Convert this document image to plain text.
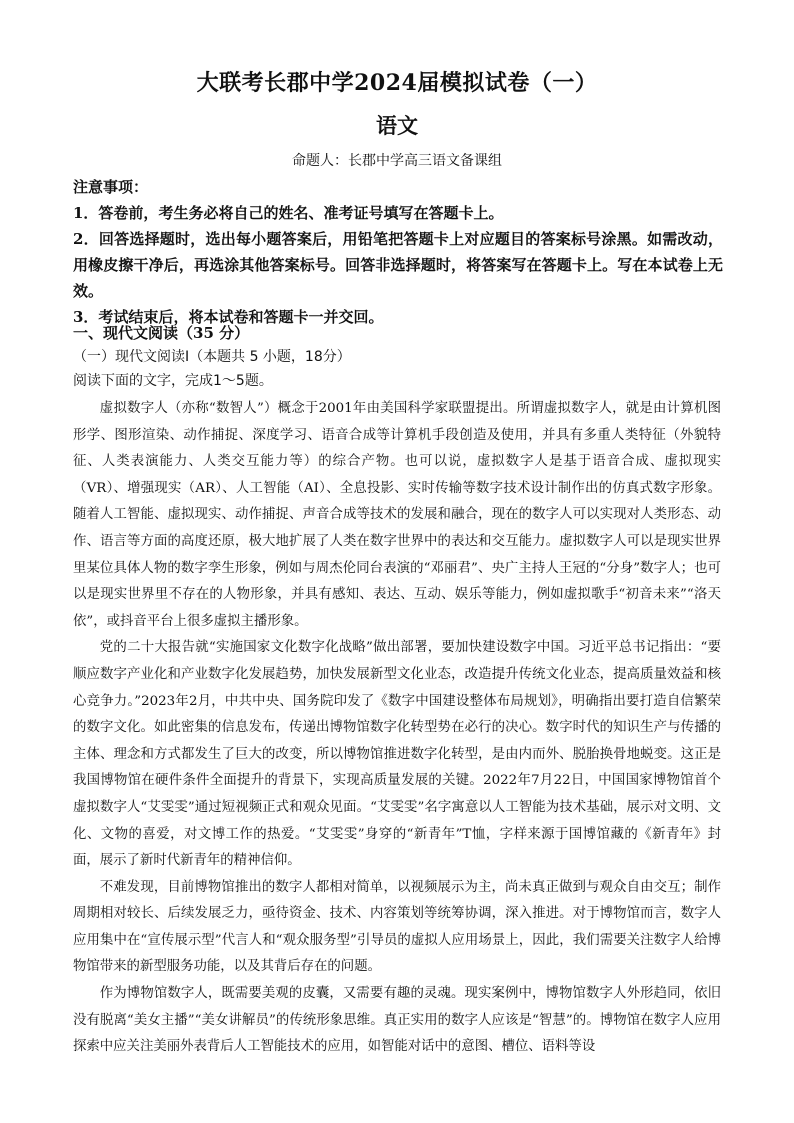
大联考长郡中学2024届模拟试卷（一）
语文
命题人：长郡中学高三语文备课组

注意事项：

1．答卷前，考生务必将自己的姓名、准考证号填写在答题卡上。

2．回答选择题时，选出每小题答案后，用铅笔把答题卡上对应题目的答案标号涂黑。如需改动，用橡皮擦干净后，再选涂其他答案标号。回答非选择题时，将答案写在答题卡上。写在本试卷上无效。

3．考试结束后，将本试卷和答题卡一并交回。

一、现代文阅读（35 分）
（一）现代文阅读Ⅰ（本题共 5 小题，18分）
阅读下面的文字，完成1～5题。

虚拟数字人（亦称“数智人”）概念于2001年由美国科学家联盟提出。所谓虚拟数字人，就是由计算机图形学、图形渲染、动作捕捉、深度学习、语音合成等计算机手段创造及使用，并具有多重人类特征（外貌特征、人类表演能力、人类交互能力等）的综合产物。也可以说，虚拟数字人是基于语音合成、虚拟现实（VR）、增强现实（AR）、人工智能（AI）、全息投影、实时传输等数字技术设计制作出的仿真式数字形象。随着人工智能、虚拟现实、动作捕捉、声音合成等技术的发展和融合，现在的数字人可以实现对人类形态、动作、语言等方面的高度还原，极大地扩展了人类在数字世界中的表达和交互能力。虚拟数字人可以是现实世界里某位具体人物的数字孪生形象，例如与周杰伦同台表演的“邓丽君”、央广主持人王冠的“分身”数字人；也可以是现实世界里不存在的人物形象，并具有感知、表达、互动、娱乐等能力，例如虚拟歌手“初音未来”“洛天依”，或抖音平台上很多虚拟主播形象。

党的二十大报告就“实施国家文化数字化战略”做出部署，要加快建设数字中国。习近平总书记指出：“要顺应数字产业化和产业数字化发展趋势，加快发展新型文化业态，改造提升传统文化业态，提高质量效益和核心竞争力。”2023年2月，中共中央、国务院印发了《数字中国建设整体布局规划》，明确指出要打造自信繁荣的数字文化。如此密集的信息发布，传递出博物馆数字化转型势在必行的决心。数字时代的知识生产与传播的主体、理念和方式都发生了巨大的改变，所以博物馆推进数字化转型，是由内而外、脱胎换骨地蜕变。这正是我国博物馆在硬件条件全面提升的背景下，实现高质量发展的关键。2022年7月22日，中国国家博物馆首个虚拟数字人“艾雯雯”通过短视频正式和观众见面。“艾雯雯”名字寓意以人工智能为技术基础，展示对文明、文化、文物的喜爱，对文博工作的热爱。“艾雯雯”身穿的“新青年”T恤，字样来源于国博馆藏的《新青年》封面，展示了新时代新青年的精神信仰。

不难发现，目前博物馆推出的数字人都相对简单，以视频展示为主，尚未真正做到与观众自由交互；制作周期相对较长、后续发展乏力，亟待资金、技术、内容策划等统筹协调，深入推进。对于博物馆而言，数字人应用集中在“宣传展示型”代言人和“观众服务型”引导员的虚拟人应用场景上，因此，我们需要关注数字人给博物馆带来的新型服务功能，以及其背后存在的问题。

作为博物馆数字人，既需要美观的皮囊，又需要有趣的灵魂。现实案例中，博物馆数字人外形趋同，依旧没有脱离“美女主播”“美女讲解员”的传统形象思维。真正实用的数字人应该是“智慧”的。博物馆在数字人应用探索中应关注美丽外表背后人工智能技术的应用，如智能对话中的意图、槽位、语料等设
